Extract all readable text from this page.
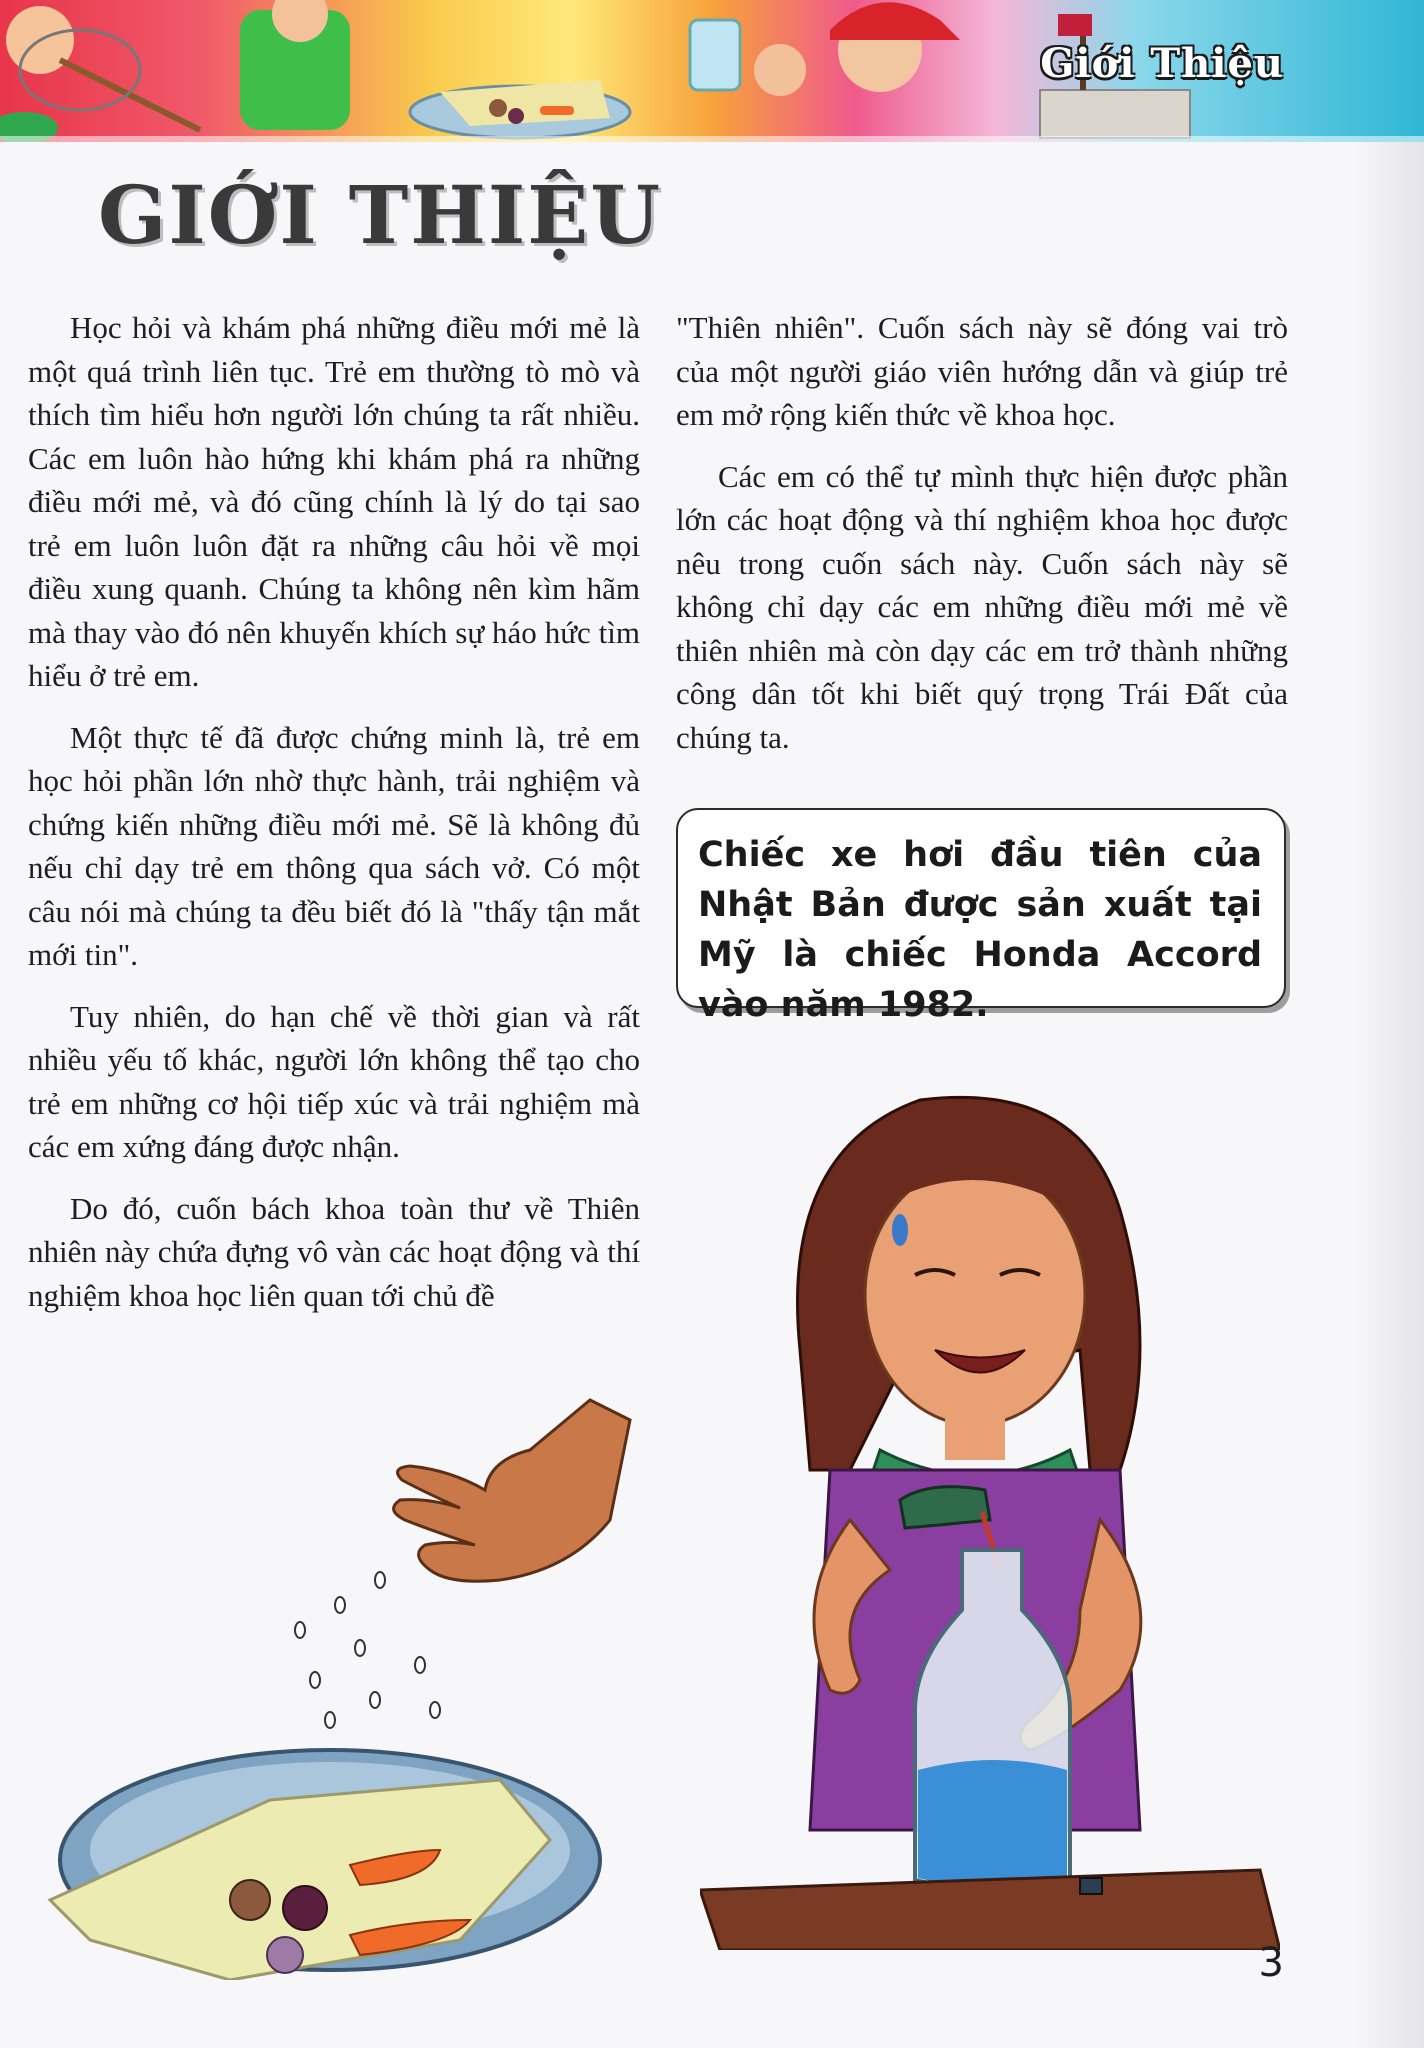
Giới Thiệu
GIỚI THIỆU

Học hỏi và khám phá những điều mới mẻ là một quá trình liên tục. Trẻ em thường tò mò và thích tìm hiểu hơn người lớn chúng ta rất nhiều. Các em luôn hào hứng khi khám phá ra những điều mới mẻ, và đó cũng chính là lý do tại sao trẻ em luôn luôn đặt ra những câu hỏi về mọi điều xung quanh. Chúng ta không nên kìm hãm mà thay vào đó nên khuyến khích sự háo hức tìm hiểu ở trẻ em.

Một thực tế đã được chứng minh là, trẻ em học hỏi phần lớn nhờ thực hành, trải nghiệm và chứng kiến những điều mới mẻ. Sẽ là không đủ nếu chỉ dạy trẻ em thông qua sách vở. Có một câu nói mà chúng ta đều biết đó là "thấy tận mắt mới tin".

Tuy nhiên, do hạn chế về thời gian và rất nhiều yếu tố khác, người lớn không thể tạo cho trẻ em những cơ hội tiếp xúc và trải nghiệm mà các em xứng đáng được nhận.

Do đó, cuốn bách khoa toàn thư về Thiên nhiên này chứa đựng vô vàn các hoạt động và thí nghiệm khoa học liên quan tới chủ đề

"Thiên nhiên". Cuốn sách này sẽ đóng vai trò của một người giáo viên hướng dẫn và giúp trẻ em mở rộng kiến thức về khoa học.

Các em có thể tự mình thực hiện được phần lớn các hoạt động và thí nghiệm khoa học được nêu trong cuốn sách này. Cuốn sách này sẽ không chỉ dạy các em những điều mới mẻ về thiên nhiên mà còn dạy các em trở thành những công dân tốt khi biết quý trọng Trái Đất của chúng ta.

Chiếc xe hơi đầu tiên của Nhật Bản được sản xuất tại Mỹ là chiếc Honda Accord vào năm 1982.
3
